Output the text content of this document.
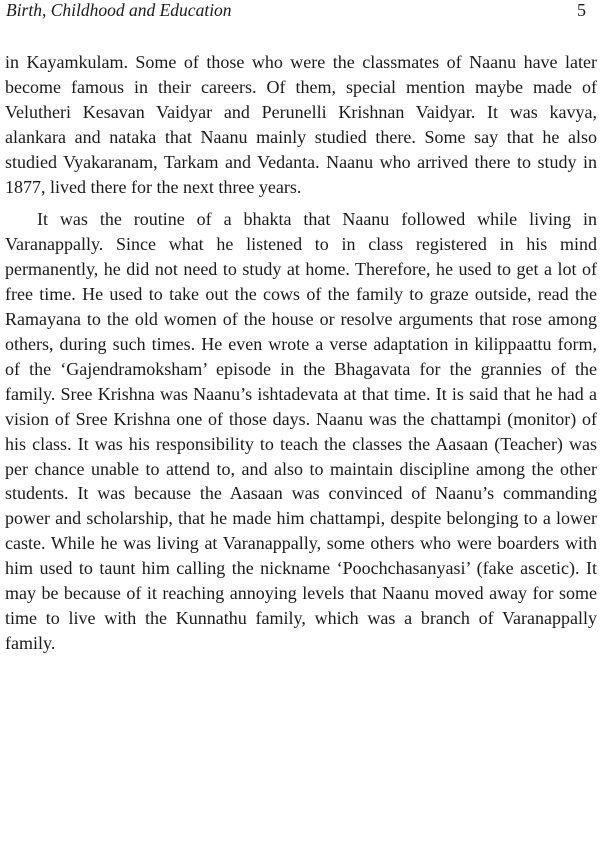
Birth, Childhood and Education	5

in Kayamkulam. Some of those who were the classmates of Naanu have later become famous in their careers. Of them, special mention maybe made of Velutheri Kesavan Vaidyar and Perunelli Krishnan Vaidyar. It was kavya, alankara and nataka that Naanu mainly studied there. Some say that he also studied Vyakaranam, Tarkam and Vedanta. Naanu who arrived there to study in 1877, lived there for the next three years.

It was the routine of a bhakta that Naanu followed while living in Varanappally. Since what he listened to in class registered in his mind permanently, he did not need to study at home. Therefore, he used to get a lot of free time. He used to take out the cows of the family to graze outside, read the Ramayana to the old women of the house or resolve arguments that rose among others, during such times. He even wrote a verse adaptation in kilippaattu form, of the ‘Gajendramoksham’ episode in the Bhagavata for the grannies of the family. Sree Krishna was Naanu’s ishtadevata at that time. It is said that he had a vision of Sree Krishna one of those days. Naanu was the chattampi (monitor) of his class. It was his responsibility to teach the classes the Aasaan (Teacher) was per chance unable to attend to, and also to maintain discipline among the other students. It was because the Aasaan was convinced of Naanu’s commanding power and scholarship, that he made him chattampi, despite belonging to a lower caste. While he was living at Varanappally, some others who were boarders with him used to taunt him calling the nickname ‘Poochchasanyasi’ (fake ascetic). It may be because of it reaching annoying levels that Naanu moved away for some time to live with the Kunnathu family, which was a branch of Varanappally family.
